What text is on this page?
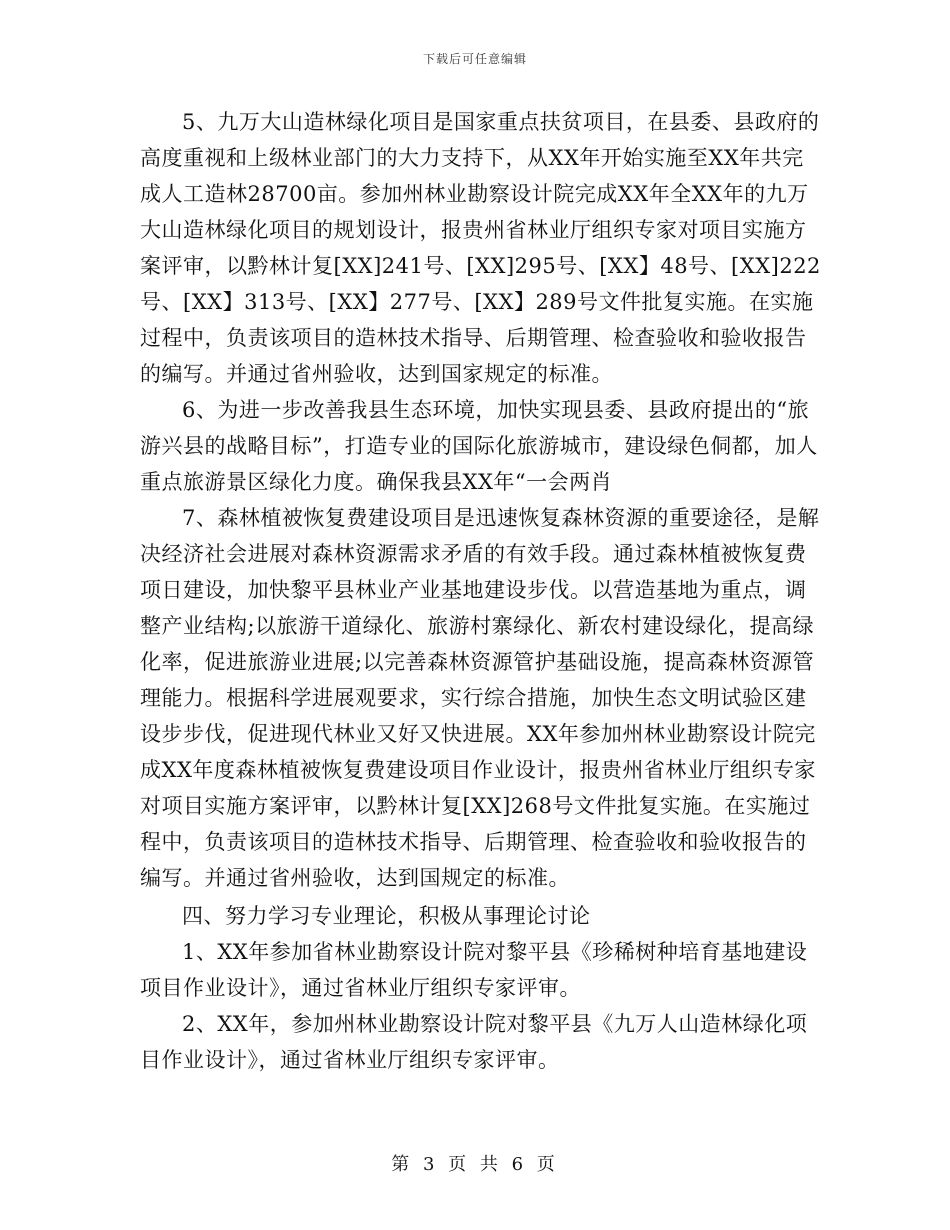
下载后可任意编辑

5、九万大山造林绿化项目是国家重点扶贫项目，在县委、县政府的高度重视和上级林业部门的大力支持下，从XX年开始实施至XX年共完成人工造林28700亩。参加州林业勘察设计院完成XX年全XX年的九万大山造林绿化项目的规划设计，报贵州省林业厅组织专家对项目实施方案评审，以黔林计复[XX]241号、[XX]295号、[XX】48号、[XX]222号、[XX】313号、[XX】277号、[XX】289号文件批复实施。在实施过程中，负责该项目的造林技术指导、后期管理、检查验收和验收报告的编写。并通过省州验收，达到国家规定的标准。

6、为进一步改善我县生态环境，加快实现县委、县政府提出的“旅游兴县的战略目标”，打造专业的国际化旅游城市，建设绿色侗都，加人重点旅游景区绿化力度。确保我县XX年“一会两肖

7、森林植被恢复费建设项目是迅速恢复森林资源的重要途径，是解决经济社会进展对森林资源需求矛盾的有效手段。通过森林植被恢复费项日建设，加快黎平县林业产业基地建设步伐。以营造基地为重点，调整产业结构;以旅游干道绿化、旅游村寨绿化、新农村建设绿化，提高绿化率，促进旅游业进展;以完善森林资源管护基础设施，提高森林资源管理能力。根据科学进展观要求，实行综合措施，加快生态文明试验区建设步步伐，促进现代林业又好又快进展。XX年参加州林业勘察设计院完成XX年度森林植被恢复费建设项目作业设计，报贵州省林业厅组织专家对项目实施方案评审，以黔林计复[XX]268号文件批复实施。在实施过程中，负责该项目的造林技术指导、后期管理、检查验收和验收报告的编写。并通过省州验收，达到国规定的标准。

四、努力学习专业理论，积极从事理论讨论

1、XX年参加省林业勘察设计院对黎平县《珍稀树种培育基地建设项目作业设计》，通过省林业厅组织专家评审。

2、XX年，参加州林业勘察设计院对黎平县《九万人山造林绿化项目作业设计》，通过省林业厅组织专家评审。

第 3 页 共 6 页
